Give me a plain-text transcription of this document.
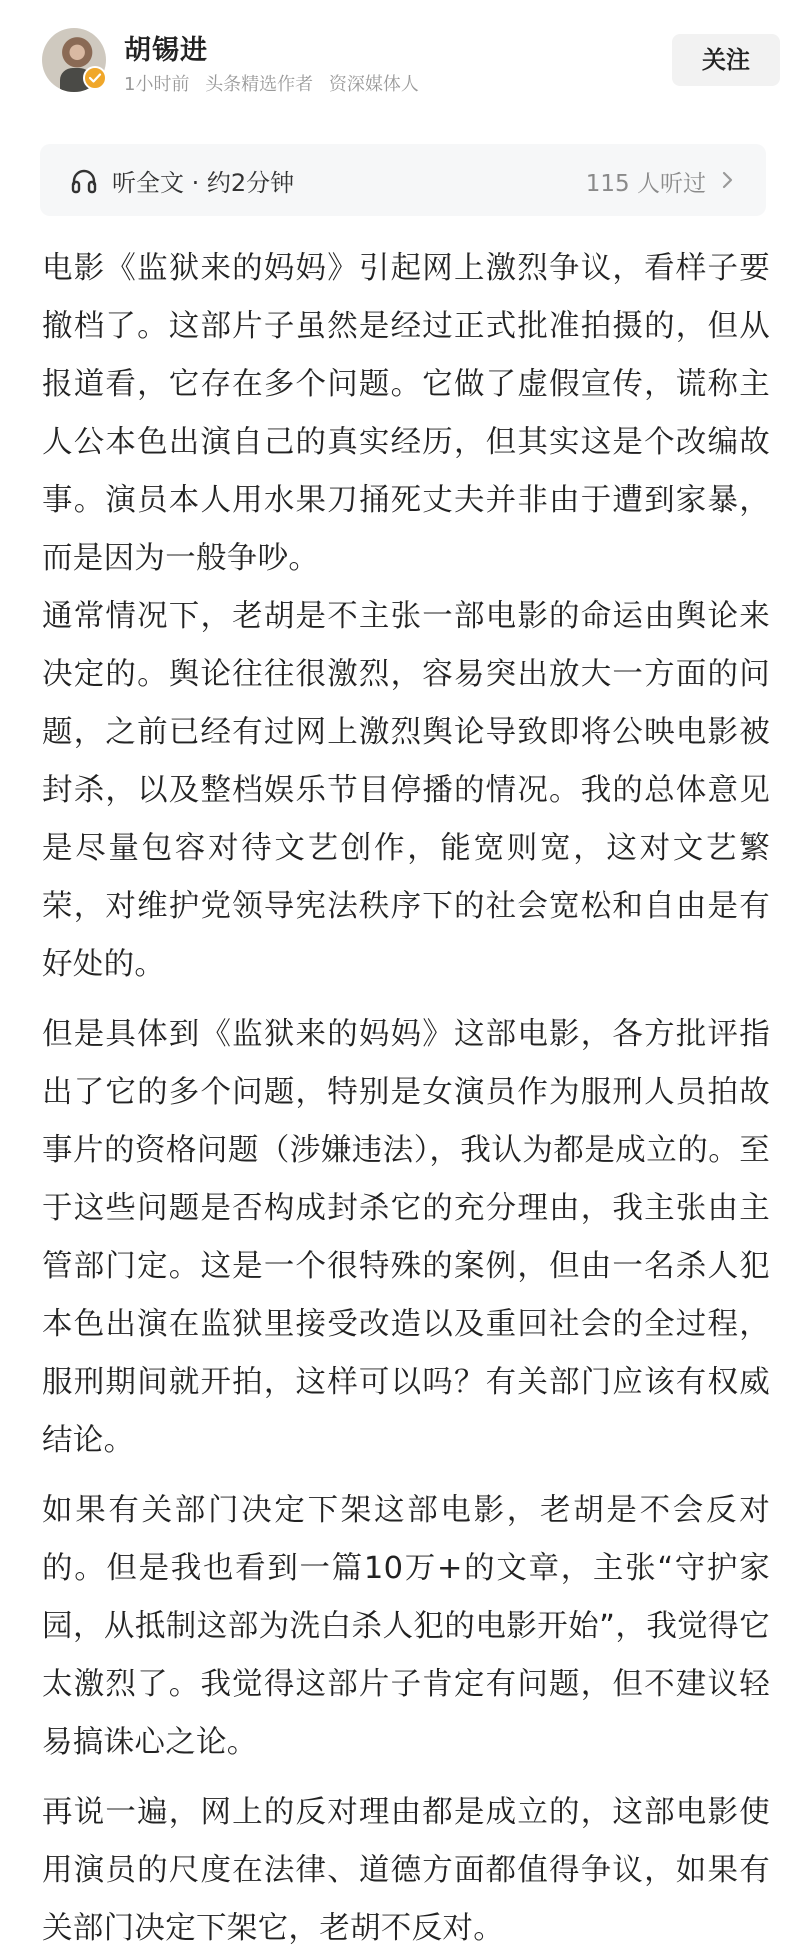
胡锡进
1小时前 头条精选作者 资深媒体人
关注
听全文 · 约2分钟	115 人听过

电影《监狱来的妈妈》引起网上激烈争议，看样子要撤档了。这部片子虽然是经过正式批准拍摄的，但从报道看，它存在多个问题。它做了虚假宣传，谎称主人公本色出演自己的真实经历，但其实这是个改编故事。演员本人用水果刀捅死丈夫并非由于遭到家暴，而是因为一般争吵。

通常情况下，老胡是不主张一部电影的命运由舆论来决定的。舆论往往很激烈，容易突出放大一方面的问题，之前已经有过网上激烈舆论导致即将公映电影被封杀，以及整档娱乐节目停播的情况。我的总体意见是尽量包容对待文艺创作，能宽则宽，这对文艺繁荣，对维护党领导宪法秩序下的社会宽松和自由是有好处的。

但是具体到《监狱来的妈妈》这部电影，各方批评指出了它的多个问题，特别是女演员作为服刑人员拍故事片的资格问题（涉嫌违法），我认为都是成立的。至于这些问题是否构成封杀它的充分理由，我主张由主管部门定。这是一个很特殊的案例，但由一名杀人犯本色出演在监狱里接受改造以及重回社会的全过程，服刑期间就开拍，这样可以吗？有关部门应该有权威结论。

如果有关部门决定下架这部电影，老胡是不会反对的。但是我也看到一篇10万+的文章，主张“守护家园，从抵制这部为洗白杀人犯的电影开始”，我觉得它太激烈了。我觉得这部片子肯定有问题，但不建议轻易搞诛心之论。

再说一遍，网上的反对理由都是成立的，这部电影使用演员的尺度在法律、道德方面都值得争议，如果有关部门决定下架它，老胡不反对。
